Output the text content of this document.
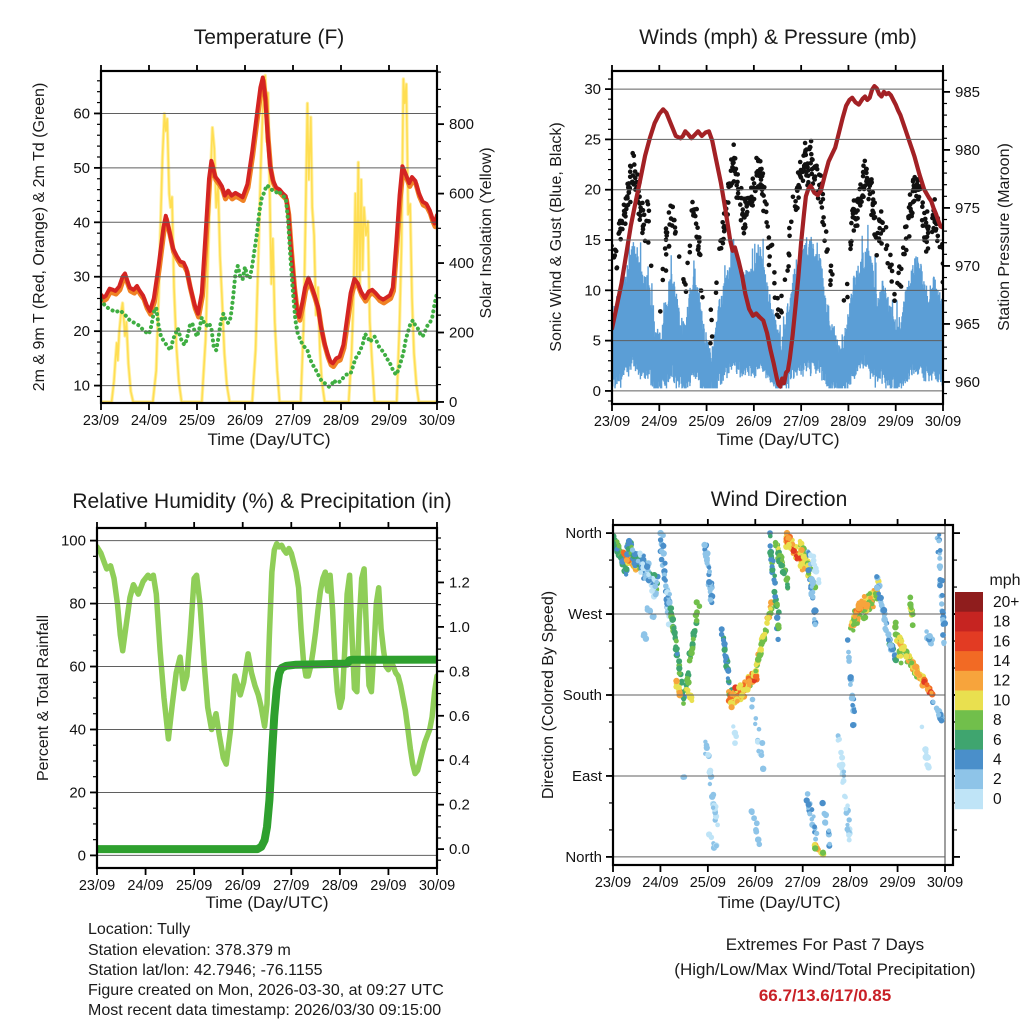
23/09 24/09 25/09 26/09 27/09 28/09 29/09 30/09
10
20
30
40
50
60
0
200
400
600
800
23/09 24/09 25/09 26/09 27/09 28/09 29/09 30/09
0
5
10
15
20
25
30
960
965
970
975
980
985
23/09 24/09 25/09 26/09 27/09 28/09 29/09 30/09
0
20
40
60
80
100
0.0
0.2
0.4
0.6
0.8
1.0
1.2
23/09 24/09 25/09 26/09 27/09 28/09 29/09 30/09
North
West
South
East
North
20+
18
16
14
12
10
8
6
4
2
0
Temperature (F)	Winds (mph) & Pressure (mb)
Relative Humidity (%) & Precipitation (in)	Wind Direction
Time (Day/UTC)	Time (Day/UTC)
Time (Day/UTC)	Time (Day/UTC)
2m & 9m T (Red, Orange) & 2m Td (Green)	Solar Insolation (Yellow)	Sonic Wind & Gust (Blue, Black)	Station Pressure (Maroon)
Percent & Total Rainfall	Direction (Colored By Speed)
mph
Location: Tully
Station elevation: 378.379 m
Station lat/lon: 42.7946; -76.1155
Figure created on Mon, 2026-03-30, at 09:27 UTC
Most recent data timestamp: 2026/03/30 09:15:00
Extremes For Past 7 Days
(High/Low/Max Wind/Total Precipitation)
66.7/13.6/17/0.85
